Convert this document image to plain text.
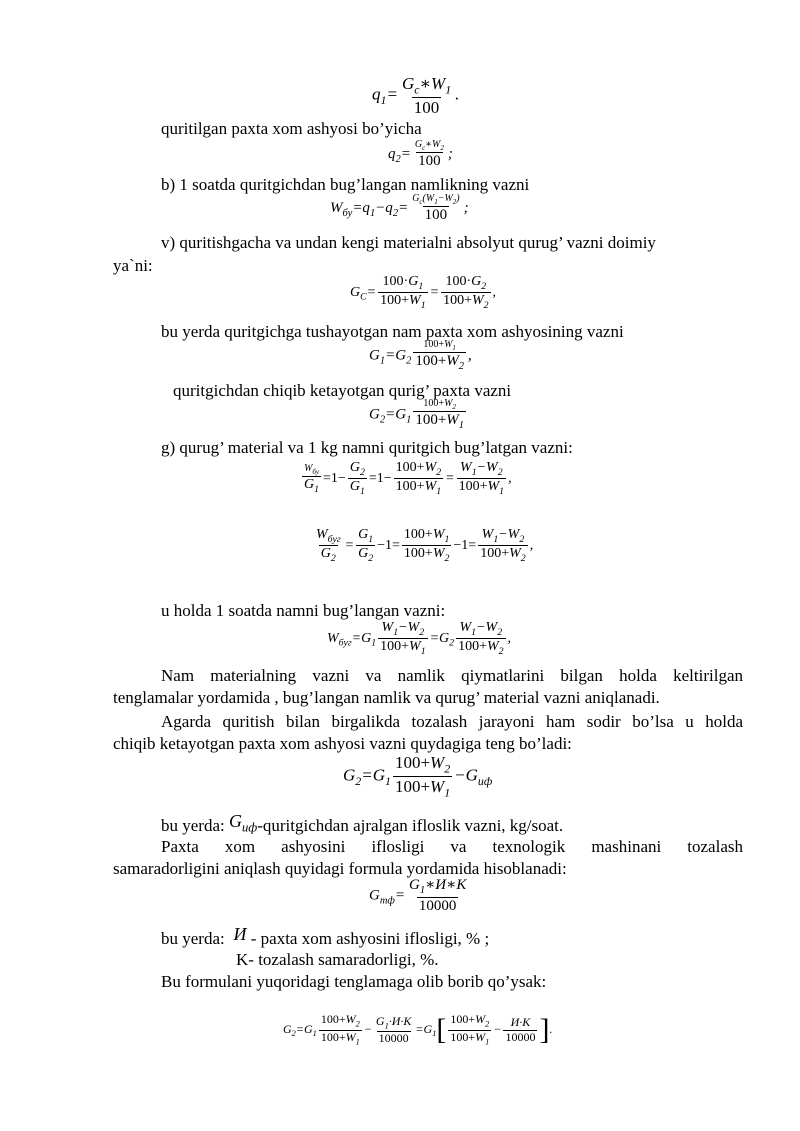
$q_1= \frac{G_c∗W_1}{100}$ .
quritilgan paxta xom ashyosi bo’yicha
$q_2= \frac{G_c∗W_2}{100}$ ;
b) 1 soatda quritgichdan bug’langan namlikning vazni
$W_{бу}=q_1-q_2= \frac{G_c(W_1-W_2)}{100}$ ;
v) quritishgacha va undan kengi materialni absolyut qurug’ vazni doimiy
ya`ni:
$G_C= \frac{100\cdot G_1}{100+W_1} = \frac{100\cdot G_2}{100+W_2}$ ,
bu yerda quritgichga tushayotgan nam paxta xom ashyosining vazni
$G_1=G_2 \frac{100+W_1}{100+W_2}$ ,
quritgichdan chiqib ketayotgan qurig’ paxta vazni
$G_2=G_1 \frac{100+W_2}{100+W_1}$
g) qurug’ material va 1 kg namni quritgich bug’latgan vazni:
$\frac{W_{бу}}{G_1} =1- \frac{G_2}{G_1} =1- \frac{100+W_2}{100+W_1} = \frac{W_1-W_2}{100+W_1}$ ,
$\frac{W_{буг}}{G_2} = \frac{G_1}{G_2} -1= \frac{100+W_1}{100+W_2} -1= \frac{W_1-W_2}{100+W_2}$ ,
u holda 1 soatda namni bug’langan vazni:
$W_{буг}=G_1 \frac{W_1-W_2}{100+W_1} =G_2 \frac{W_1-W_2}{100+W_2}$ ,
Nam materialning vazni va namlik qiymatlarini bilgan holda keltirilgan
tenglamalar yordamida , bug’langan namlik va qurug’ material vazni aniqlanadi.
Agarda quritish bilan birgalikda tozalash jarayoni ham sodir bo’lsa u holda
chiqib ketayotgan paxta xom ashyosi vazni quydagiga teng bo’ladi:
$G_2=G_1 \frac{100+W_2}{100+W_1} -G_{иф}$
bu yerda: $G_{иф}$-quritgichdan ajralgan ifloslik vazni, kg/soat.
Paxta xom ashyosini iflosligi va texnologik mashinani tozalash
samaradorligini aniqlash quyidagi formula yordamida hisoblanadi:
$G_{тф}= \frac{G_1∗И∗K}{10000}$
bu yerda:  И - paxta xom ashyosini iflosligi, % ;
K- tozalash samaradorligi, %.
Bu formulani yuqoridagi tenglamaga olib borib qo’ysak:
$G_2=G_1 \frac{100+W_2}{100+W_1} - \frac{G_1\cdot И\cdot K}{10000} =G_1[ \frac{100+W_2}{100+W_1} - \frac{И\cdot K}{10000}$ ].
